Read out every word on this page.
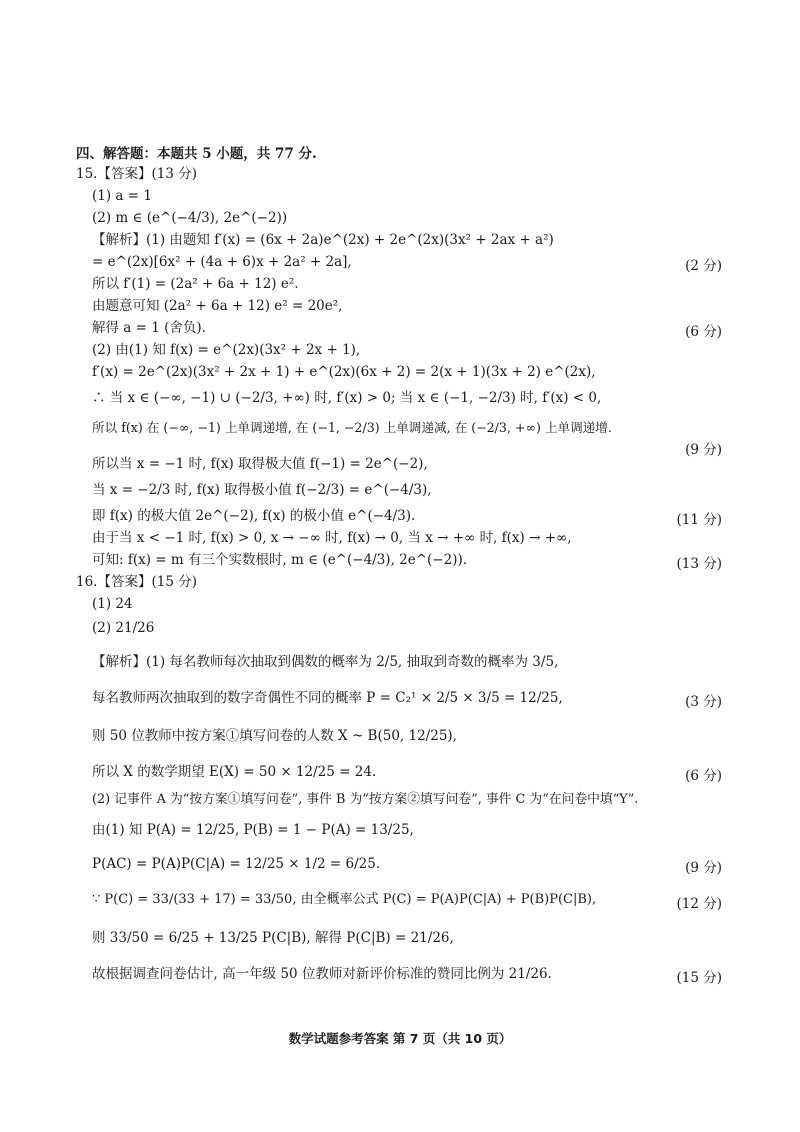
四、解答题：本题共 5 小题，共 77 分.
15.【答案】(13 分)
(1) a = 1
(2) m ∈ (e^(−4/3), 2e^(−2))
【解析】(1) 由题知 f′(x) = (6x + 2a)e^(2x) + 2e^(2x)(3x² + 2ax + a²)
= e^(2x)[6x² + (4a + 6)x + 2a² + 2a],	(2 分)
所以 f′(1) = (2a² + 6a + 12) e².
由题意可知 (2a² + 6a + 12) e² = 20e²,
解得 a = 1 (舍负).	(6 分)
(2) 由(1) 知 f(x) = e^(2x)(3x² + 2x + 1),
f′(x) = 2e^(2x)(3x² + 2x + 1) + e^(2x)(6x + 2) = 2(x + 1)(3x + 2) e^(2x),
∴ 当 x ∈ (−∞, −1) ∪ (−2/3, +∞) 时, f′(x) > 0; 当 x ∈ (−1, −2/3) 时, f′(x) < 0,
所以 f(x) 在 (−∞, −1) 上单调递增, 在 (−1, −2/3) 上单调递减, 在 (−2/3, +∞) 上单调递增.
(9 分)
所以当 x = −1 时, f(x) 取得极大值 f(−1) = 2e^(−2),
当 x = −2/3 时, f(x) 取得极小值 f(−2/3) = e^(−4/3),
即 f(x) 的极大值 2e^(−2), f(x) 的极小值 e^(−4/3).	(11 分)
由于当 x < −1 时, f(x) > 0, x → −∞ 时, f(x) → 0, 当 x → +∞ 时, f(x) → +∞,
可知: f(x) = m 有三个实数根时, m ∈ (e^(−4/3), 2e^(−2)).	(13 分)
16.【答案】(15 分)
(1) 24
(2) 21/26
【解析】(1) 每名教师每次抽取到偶数的概率为 2/5, 抽取到奇数的概率为 3/5,
每名教师两次抽取到的数字奇偶性不同的概率 P = C₂¹ × 2/5 × 3/5 = 12/25,	(3 分)
则 50 位教师中按方案①填写问卷的人数 X ~ B(50, 12/25),
所以 X 的数学期望 E(X) = 50 × 12/25 = 24.	(6 分)
(2) 记事件 A 为“按方案①填写问卷”, 事件 B 为“按方案②填写问卷”, 事件 C 为“在问卷中填“Y”.
由(1) 知 P(A) = 12/25, P(B) = 1 − P(A) = 13/25,
P(AC) = P(A)P(C|A) = 12/25 × 1/2 = 6/25.	(9 分)
∵ P(C) = 33/(33 + 17) = 33/50, 由全概率公式 P(C) = P(A)P(C|A) + P(B)P(C|B),	(12 分)
则 33/50 = 6/25 + 13/25 P(C|B), 解得 P(C|B) = 21/26,
故根据调查问卷估计, 高一年级 50 位教师对新评价标准的赞同比例为 21/26.	(15 分)
数学试题参考答案 第 7 页（共 10 页）
